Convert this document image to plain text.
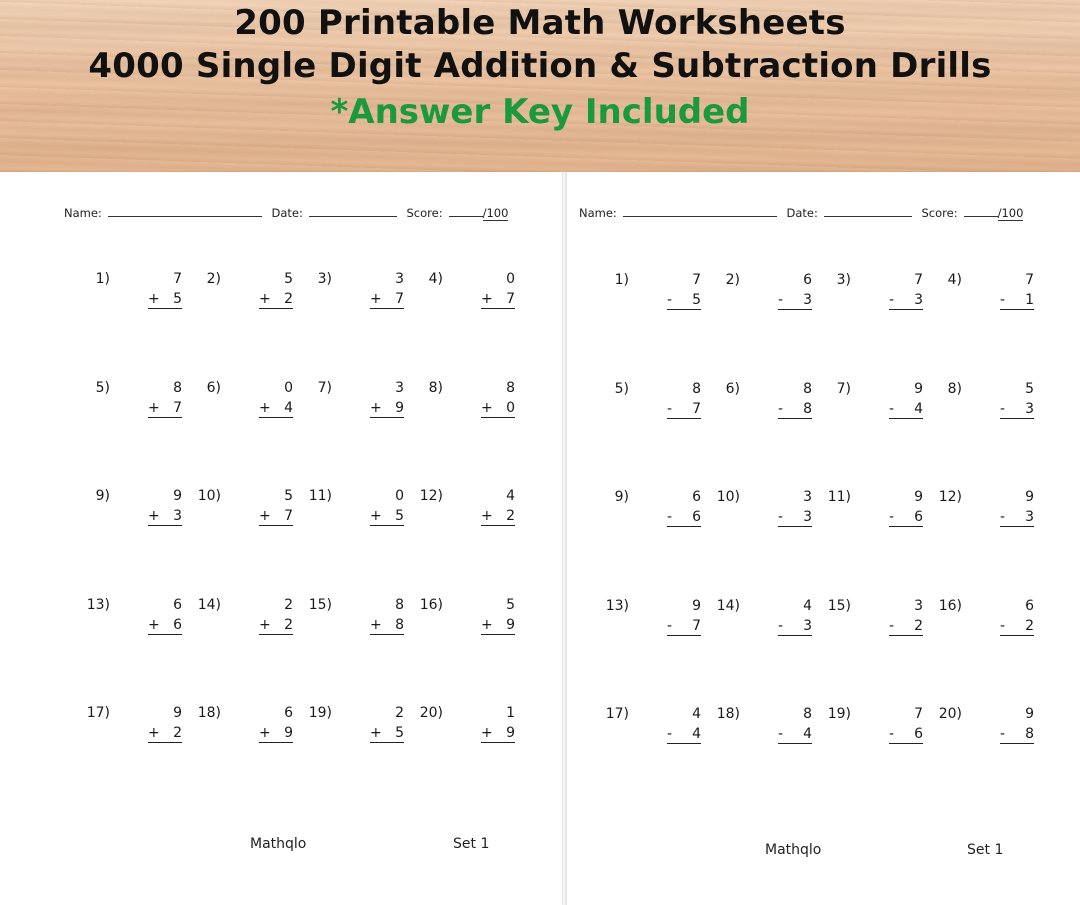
200 Printable Math Worksheets
4000 Single Digit Addition & Subtraction Drills
*Answer Key Included
Name:	Date:	Score:	/100
1)	7
+ 5
2)	5
+ 2
3)	3
+ 7
4)	0
+ 7
5)	8
+ 7
6)	0
+ 4
7)	3
+ 9
8)	8
+ 0
9)	9
+ 3
10)	5
+ 7
11)	0
+ 5
12)	4
+ 2
13)	6
+ 6
14)	2
+ 2
15)	8
+ 8
16)	5
+ 9
17)	9
+ 2
18)	6
+ 9
19)	2
+ 5
20)	1
+ 9
Mathqlo	Set 1
Name:	Date:	Score:	/100
1)	7
-	5
2)	6
-	3
3)	7
-	3
4)	7
-	1
5)	8
-	7
6)	8
-	8
7)	9
-	4
8)	5
-	3
9)	6
-	6
10)	3
-	3
11)	9
-	6
12)	9
-	3
13)	9
-	7
14)	4
-	3
15)	3
-	2
16)	6
-	2
17)	4
-	4
18)	8
-	4
19)	7
-	6
20)	9
-	8
Mathqlo	Set 1
